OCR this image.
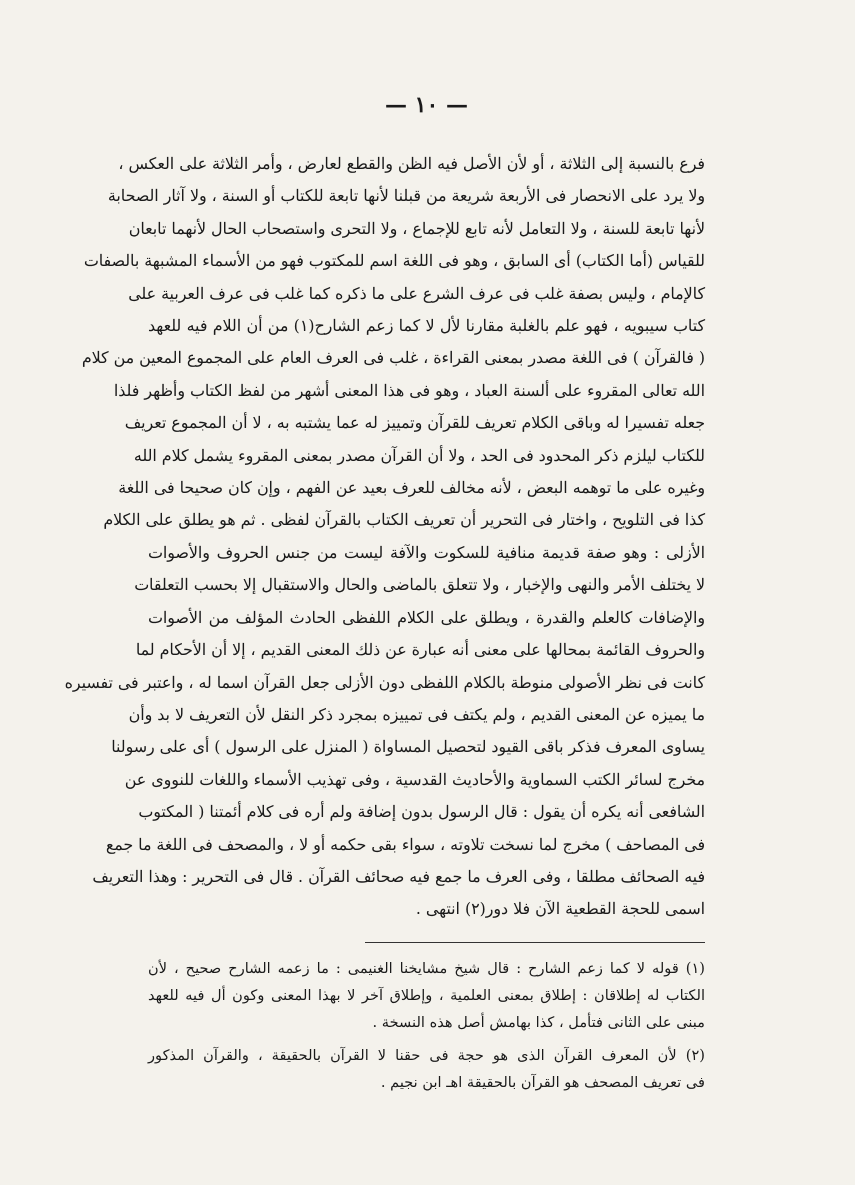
— ١٠ —

فرع بالنسبة إلى الثلاثة ، أو لأن الأصل فيه الظن والقطع لعارض ، وأمر الثلاثة على العكس ،

ولا يرد على الانحصار فى الأربعة شريعة من قبلنا لأنها تابعة للكتاب أو السنة ، ولا آثار الصحابة

لأنها تابعة للسنة ، ولا التعامل لأنه تابع للإجماع ، ولا التحرى واستصحاب الحال لأنهما تابعان

للقياس (أما الكتاب) أى السابق ، وهو فى اللغة اسم للمكتوب فهو من الأسماء المشبهة بالصفات

كالإمام ، وليس بصفة غلب فى عرف الشرع على ما ذكره كما غلب فى عرف العربية على

كتاب سيبويه ، فهو علم بالغلبة مقارنا لأل لا كما زعم الشارح(١) من أن اللام فيه للعهد

( فالقرآن ) فى اللغة مصدر بمعنى القراءة ، غلب فى العرف العام على المجموع المعين من كلام

الله تعالى المقروء على ألسنة العباد ، وهو فى هذا المعنى أشهر من لفظ الكتاب وأظهر فلذا

جعله تفسيرا له وباقى الكلام تعريف للقرآن وتمييز له عما يشتبه به ، لا أن المجموع تعريف

للكتاب ليلزم ذكر المحدود فى الحد ، ولا أن القرآن مصدر بمعنى المقروء يشمل كلام الله

وغيره على ما توهمه البعض ، لأنه مخالف للعرف بعيد عن الفهم ، وإن كان صحيحا فى اللغة

كذا فى التلويح ، واختار فى التحرير أن تعريف الكتاب بالقرآن لفظى . ثم هو يطلق على الكلام

الأزلى : وهو صفة قديمة منافية للسكوت والآفة ليست من جنس الحروف والأصوات

لا يختلف الأمر والنهى والإخبار ، ولا تتعلق بالماضى والحال والاستقبال إلا بحسب التعلقات

والإضافات كالعلم والقدرة ، ويطلق على الكلام اللفظى الحادث المؤلف من الأصوات

والحروف القائمة بمحالها على معنى أنه عبارة عن ذلك المعنى القديم ، إلا أن الأحكام لما

كانت فى نظر الأصولى منوطة بالكلام اللفظى دون الأزلى جعل القرآن اسما له ، واعتبر فى تفسيره

ما يميزه عن المعنى القديم ، ولم يكتف فى تمييزه بمجرد ذكر النقل لأن التعريف لا بد وأن

يساوى المعرف فذكر باقى القيود لتحصيل المساواة ( المنزل على الرسول ) أى على رسولنا

مخرج لسائر الكتب السماوية والأحاديث القدسية ، وفى تهذيب الأسماء واللغات للنووى عن

الشافعى أنه يكره أن يقول : قال الرسول بدون إضافة ولم أره فى كلام أئمتنا ( المكتوب

فى المصاحف ) مخرج لما نسخت تلاوته ، سواء بقى حكمه أو لا ، والمصحف فى اللغة ما جمع

فيه الصحائف مطلقا ، وفى العرف ما جمع فيه صحائف القرآن . قال فى التحرير : وهذا التعريف

اسمى للحجة القطعية الآن فلا دور(٢) انتهى .

(١) قوله لا كما زعم الشارح : قال شيخ مشايخنا الغنيمى : ما زعمه الشارح صحيح ، لأن

الكتاب له إطلاقان : إطلاق بمعنى العلمية ، وإطلاق آخر لا بهذا المعنى وكون أل فيه للعهد

مبنى على الثانى فتأمل ، كذا بهامش أصل هذه النسخة .

(٢) لأن المعرف القرآن الذى هو حجة فى حقنا لا القرآن بالحقيقة ، والقرآن المذكور

فى تعريف المصحف هو القرآن بالحقيقة اهـ ابن نجيم .
